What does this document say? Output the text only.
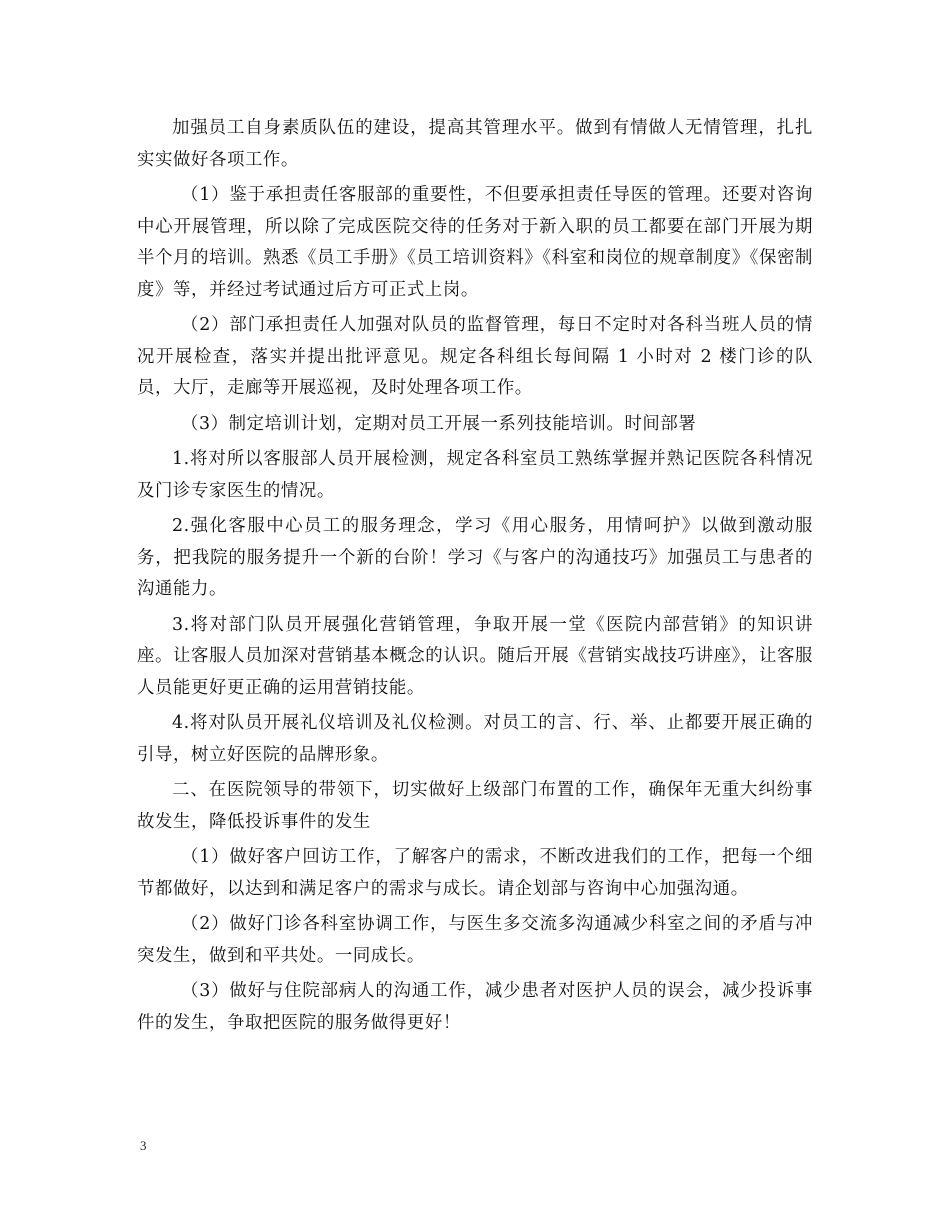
加强员工自身素质队伍的建设，提高其管理水平。做到有情做人无情管理，扎扎实实做好各项工作。

（1）鉴于承担责任客服部的重要性，不但要承担责任导医的管理。还要对咨询中心开展管理，所以除了完成医院交待的任务对于新入职的员工都要在部门开展为期半个月的培训。熟悉《员工手册》《员工培训资料》《科室和岗位的规章制度》《保密制度》等，并经过考试通过后方可正式上岗。

（2）部门承担责任人加强对队员的监督管理，每日不定时对各科当班人员的情况开展检查，落实并提出批评意见。规定各科组长每间隔 1 小时对 2 楼门诊的队员，大厅，走廊等开展巡视，及时处理各项工作。

（3）制定培训计划，定期对员工开展一系列技能培训。时间部署

1.将对所以客服部人员开展检测，规定各科室员工熟练掌握并熟记医院各科情况及门诊专家医生的情况。

2.强化客服中心员工的服务理念，学习《用心服务，用情呵护》以做到激动服务，把我院的服务提升一个新的台阶！学习《与客户的沟通技巧》加强员工与患者的沟通能力。

3.将对部门队员开展强化营销管理，争取开展一堂《医院内部营销》的知识讲座。让客服人员加深对营销基本概念的认识。随后开展《营销实战技巧讲座》，让客服人员能更好更正确的运用营销技能。

4.将对队员开展礼仪培训及礼仪检测。对员工的言、行、举、止都要开展正确的引导，树立好医院的品牌形象。

二、在医院领导的带领下，切实做好上级部门布置的工作，确保年无重大纠纷事故发生，降低投诉事件的发生

（1）做好客户回访工作，了解客户的需求，不断改进我们的工作，把每一个细节都做好，以达到和满足客户的需求与成长。请企划部与咨询中心加强沟通。

（2）做好门诊各科室协调工作，与医生多交流多沟通减少科室之间的矛盾与冲突发生，做到和平共处。一同成长。

（3）做好与住院部病人的沟通工作，减少患者对医护人员的误会，减少投诉事件的发生，争取把医院的服务做得更好！

3
